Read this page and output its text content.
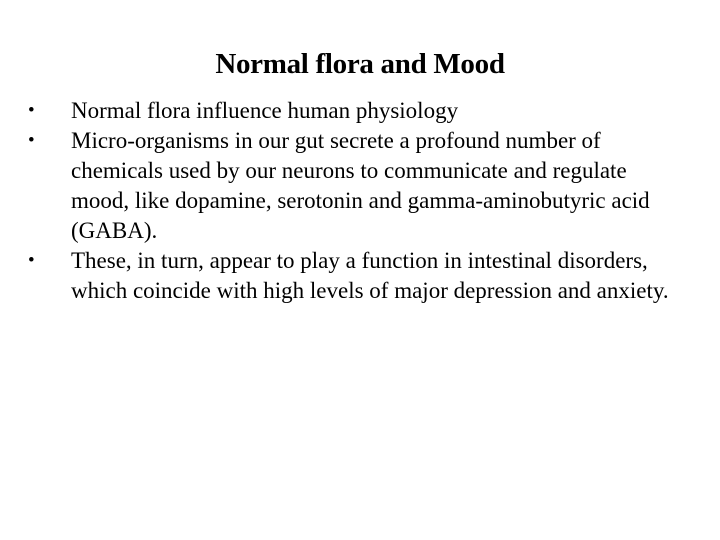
Normal flora and Mood
• Normal flora influence human physiology
• Micro-organisms in our gut secrete a profound number of chemicals used by our neurons to communicate and regulate mood, like dopamine, serotonin and gamma-aminobutyric acid (GABA).
• These, in turn, appear to play a function in intestinal disorders, which coincide with high levels of major depression and anxiety.
